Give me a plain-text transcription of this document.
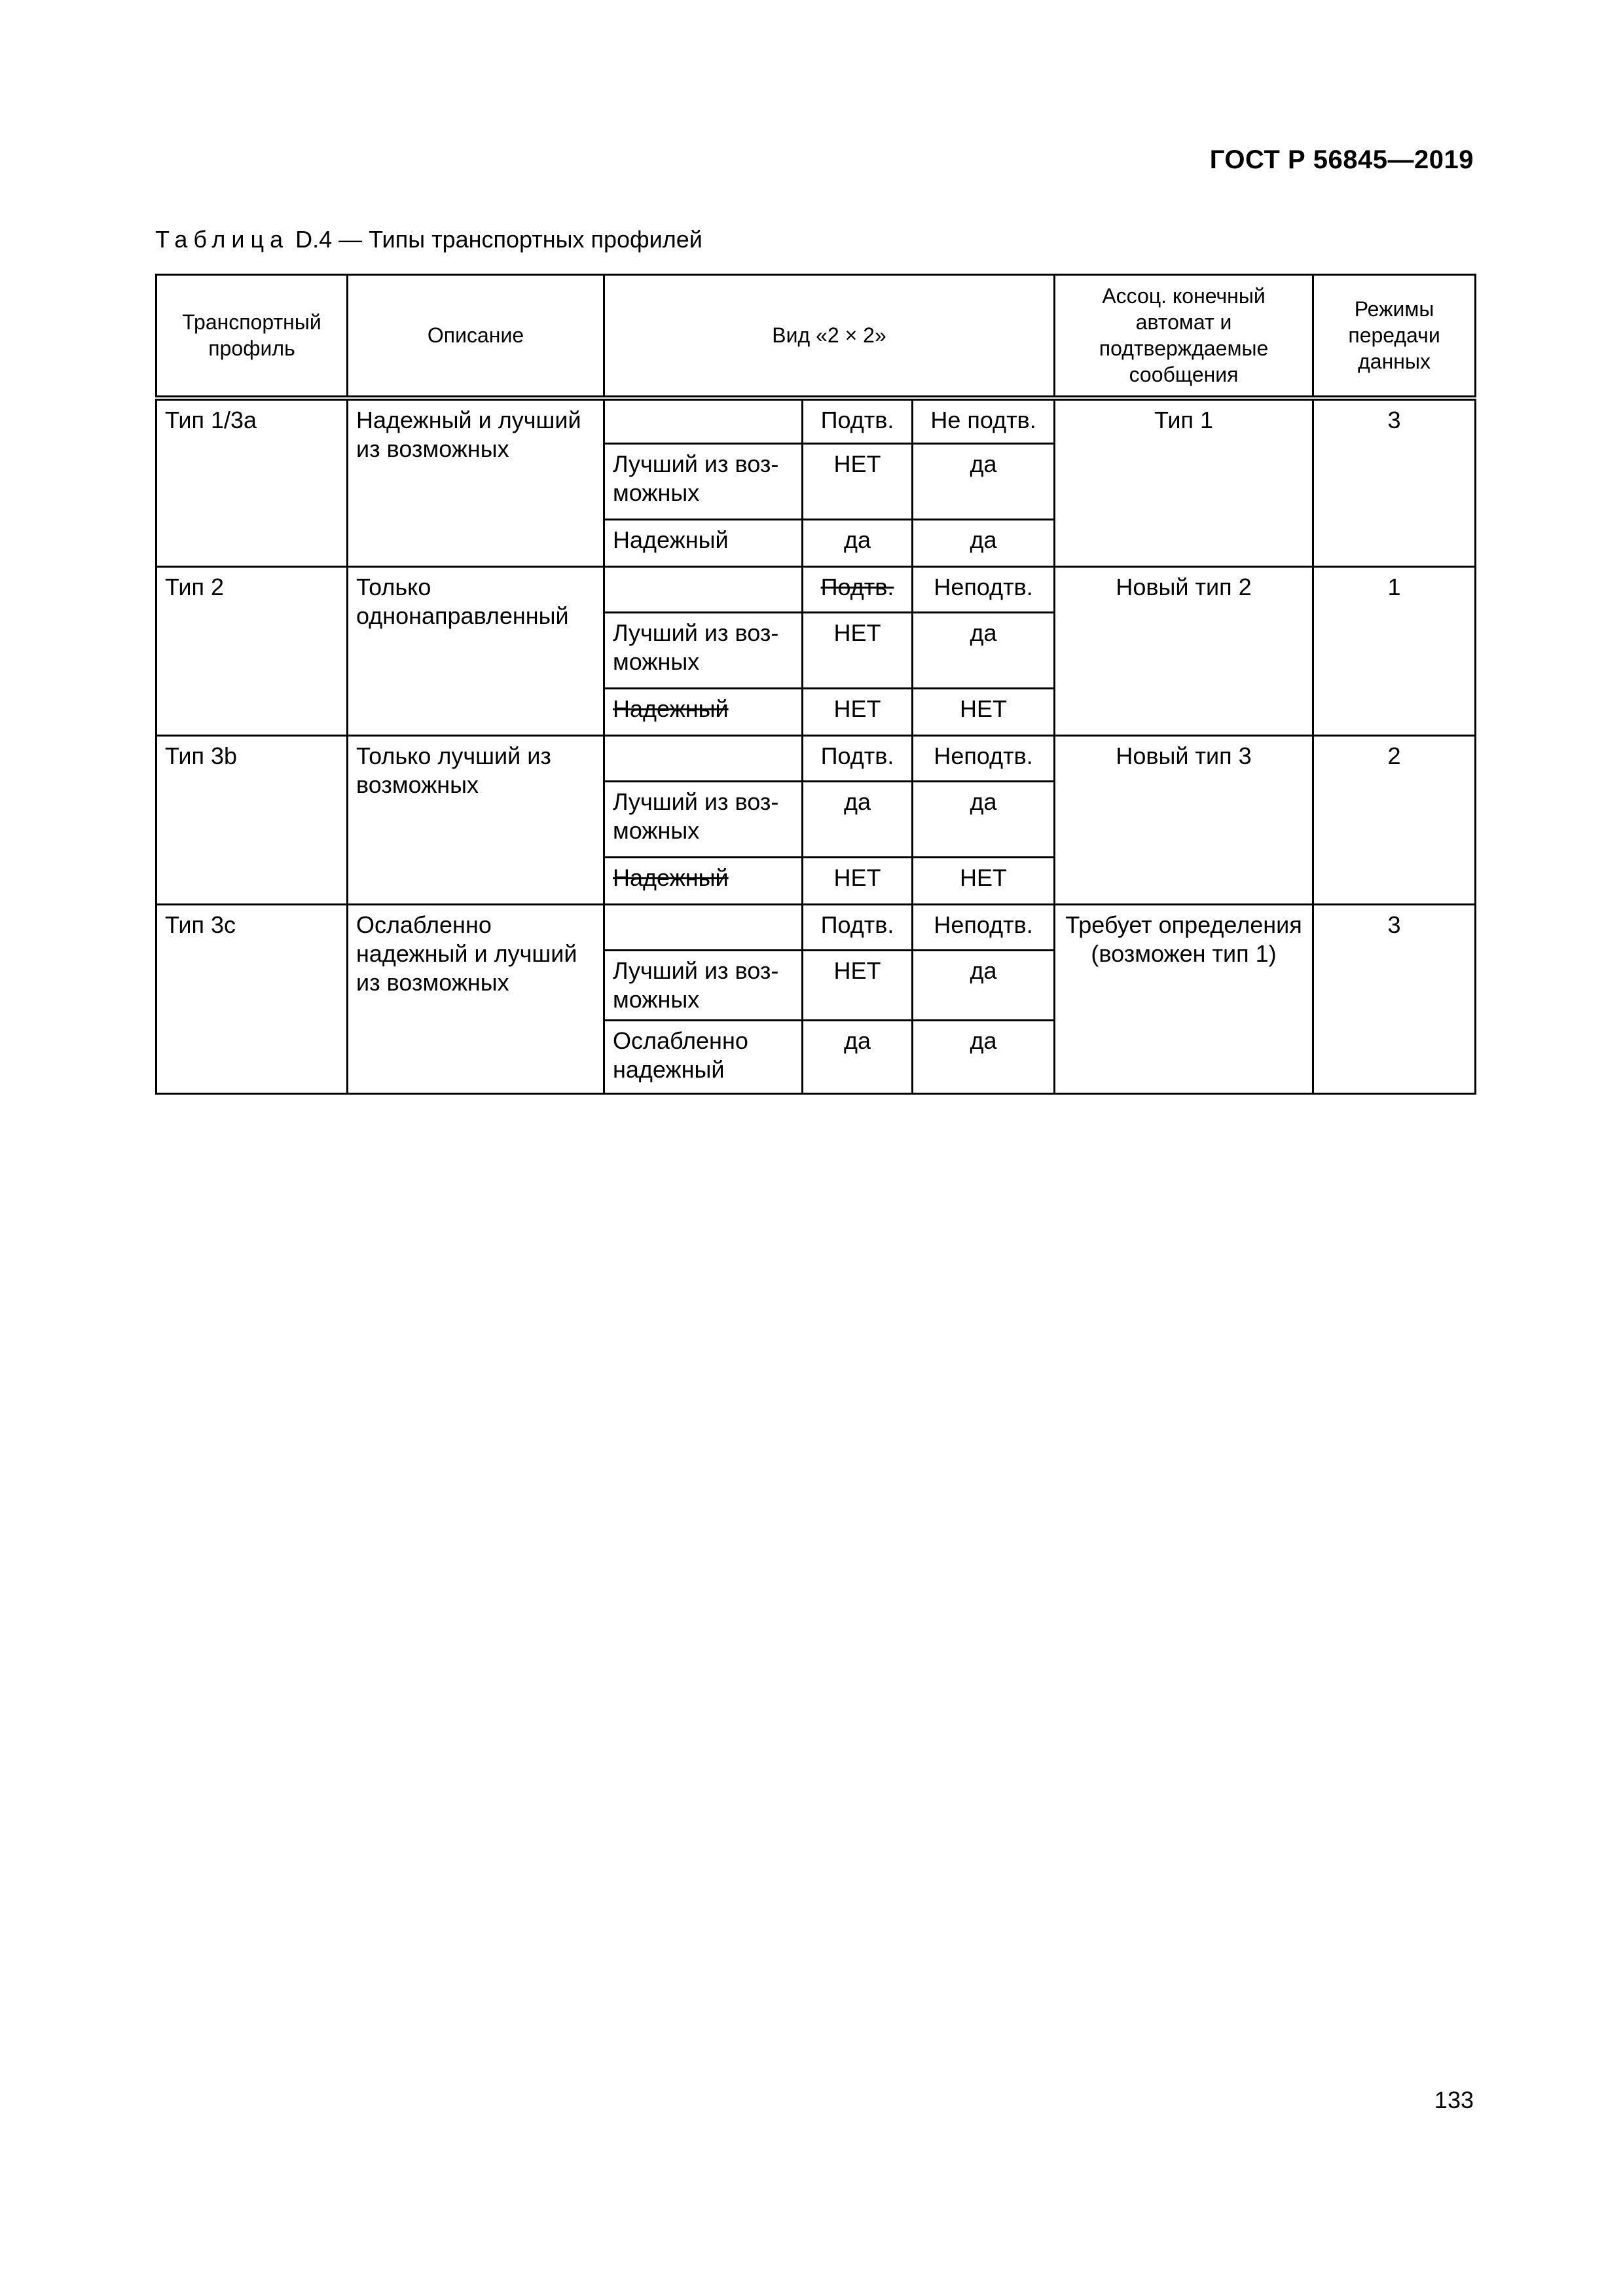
ГОСТ Р 56845—2019
Таблица D.4 — Типы транспортных профилей
Транспортный профиль	Описание	Вид «2 × 2»			Ассоц. конечный автомат и подтверждаемые сообщения	Режимы передачи данных
Тип 1/3a	Надежный и лучший из возможных		Подтв.	Не подтв.	Тип 1	3
		Лучший из воз-можных	НЕТ	да		
		Надежный	да	да		
Тип 2	Только однонаправленный		Подтв.	Неподтв.	Новый тип 2	1
		Лучший из воз-можных	НЕТ	да		
		Надежный	НЕТ	НЕТ		
Тип 3b	Только лучший из возможных		Подтв.	Неподтв.	Новый тип 3	2
		Лучший из воз-можных	да	да		
		Надежный	НЕТ	НЕТ		
Тип 3c	Ослабленно надежный и лучший из возможных		Подтв.	Неподтв.	Требует определения (возможен тип 1)	3
		Лучший из воз-можных	НЕТ	да		
		Ослабленно надежный	да	да		
133
